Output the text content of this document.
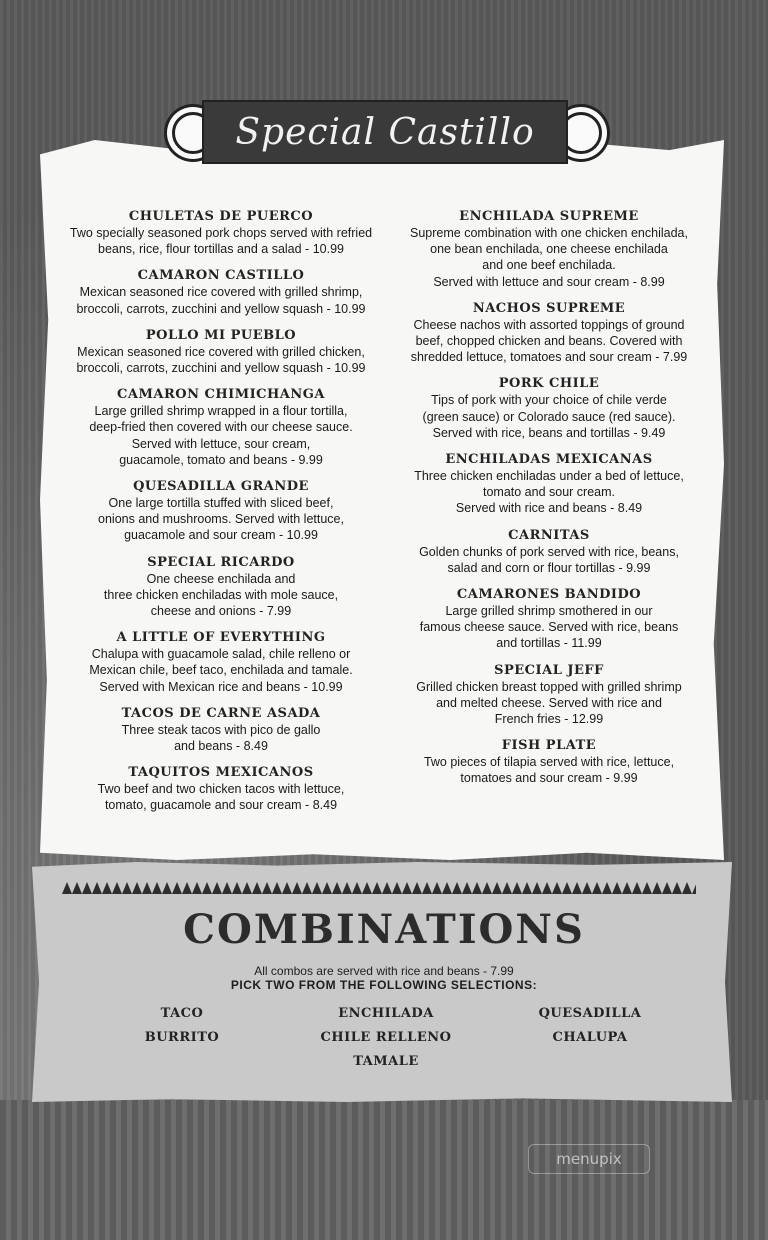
Special Castillo
CHULETAS DE PUERCO

Two specially seasoned pork chops served with refried

beans, rice, flour tortillas and a salad - 10.99

CAMARON CASTILLO

Mexican seasoned rice covered with grilled shrimp,

broccoli, carrots, zucchini and yellow squash - 10.99

POLLO MI PUEBLO

Mexican seasoned rice covered with grilled chicken,

broccoli, carrots, zucchini and yellow squash - 10.99

CAMARON CHIMICHANGA

Large grilled shrimp wrapped in a flour tortilla,

deep-fried then covered with our cheese sauce.

Served with lettuce, sour cream,

guacamole, tomato and beans - 9.99

QUESADILLA GRANDE

One large tortilla stuffed with sliced beef,

onions and mushrooms. Served with lettuce,

guacamole and sour cream - 10.99

SPECIAL RICARDO

One cheese enchilada and

three chicken enchiladas with mole sauce,

cheese and onions - 7.99

A LITTLE OF EVERYTHING

Chalupa with guacamole salad, chile relleno or

Mexican chile, beef taco, enchilada and tamale.

Served with Mexican rice and beans - 10.99

TACOS DE CARNE ASADA

Three steak tacos with pico de gallo

and beans - 8.49

TAQUITOS MEXICANOS

Two beef and two chicken tacos with lettuce,

tomato, guacamole and sour cream - 8.49

ENCHILADA SUPREME

Supreme combination with one chicken enchilada,

one bean enchilada, one cheese enchilada

and one beef enchilada.

Served with lettuce and sour cream - 8.99

NACHOS SUPREME

Cheese nachos with assorted toppings of ground

beef, chopped chicken and beans. Covered with

shredded lettuce, tomatoes and sour cream - 7.99

PORK CHILE

Tips of pork with your choice of chile verde

(green sauce) or Colorado sauce (red sauce).

Served with rice, beans and tortillas - 9.49

ENCHILADAS MEXICANAS

Three chicken enchiladas under a bed of lettuce,

tomato and sour cream.

Served with rice and beans - 8.49

CARNITAS

Golden chunks of pork served with rice, beans,

salad and corn or flour tortillas - 9.99

CAMARONES BANDIDO

Large grilled shrimp smothered in our

famous cheese sauce. Served with rice, beans

and tortillas - 11.99

SPECIAL JEFF

Grilled chicken breast topped with grilled shrimp

and melted cheese. Served with rice and

French fries - 12.99

FISH PLATE

Two pieces of tilapia served with rice, lettuce,

tomatoes and sour cream - 9.99

COMBINATIONS
All combos are served with rice and beans - 7.99
PICK TWO FROM THE FOLLOWING SELECTIONS:
TACO	ENCHILADA	QUESADILLA
BURRITO	CHILE RELLENO	CHALUPA
TAMALE
menupix
